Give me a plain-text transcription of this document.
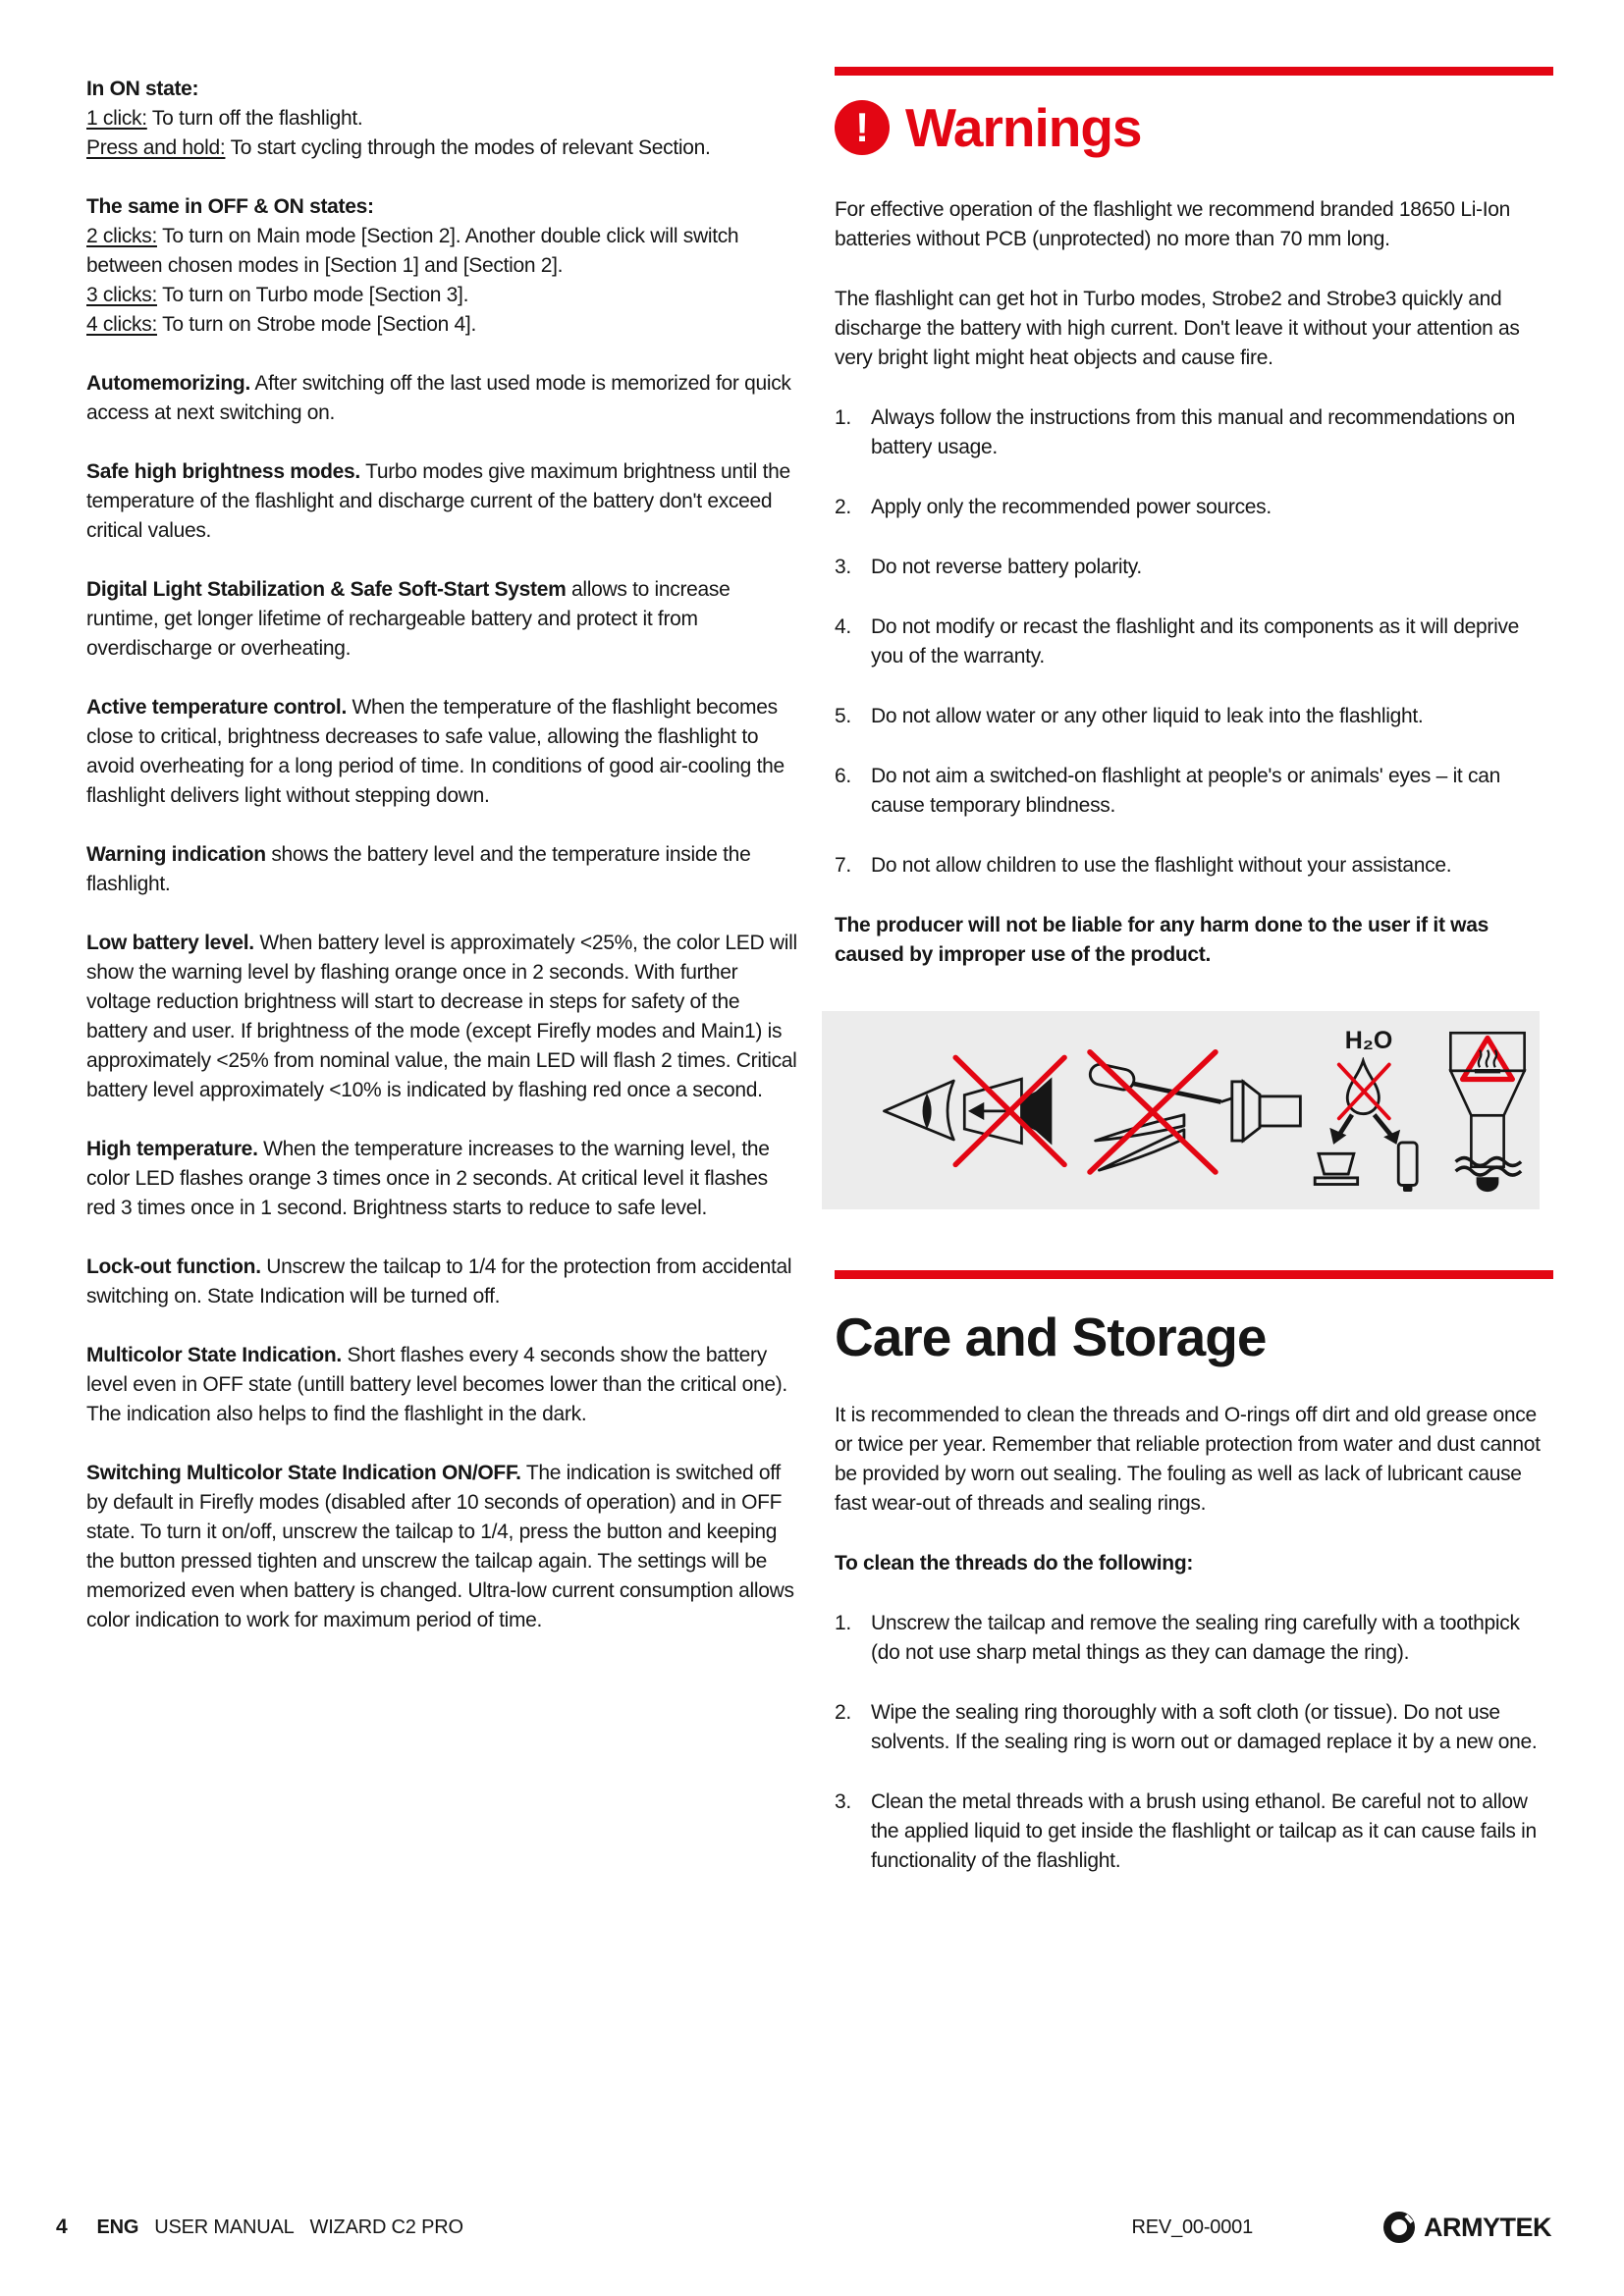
In ON state:
1 click: To turn off the flashlight.
Press and hold: To start cycling through the modes of relevant Section.
The same in OFF & ON states:
2 clicks: To turn on Main mode [Section 2]. Another double click will switch between chosen modes in [Section 1] and [Section 2].
3 clicks: To turn on Turbo mode [Section 3].
4 clicks: To turn on Strobe mode [Section 4].
Automemorizing. After switching off the last used mode is memorized for quick access at next switching on.
Safe high brightness modes. Turbo modes give maximum brightness until the temperature of the flashlight and discharge current of the battery don't exceed critical values.
Digital Light Stabilization & Safe Soft-Start System allows to increase runtime, get longer lifetime of rechargeable battery and protect it from overdischarge or overheating.
Active temperature control. When the temperature of the flashlight becomes close to critical, brightness decreases to safe value, allowing the flashlight to avoid overheating for a long period of time. In conditions of good air-cooling the flashlight delivers light without stepping down.
Warning indication shows the battery level and the temperature inside the flashlight.
Low battery level. When battery level is approximately <25%, the color LED will show the warning level by flashing orange once in 2 seconds. With further voltage reduction brightness will start to decrease in steps for safety of the battery and user. If brightness of the mode (except Firefly modes and Main1) is approximately <25% from nominal value, the main LED will flash 2 times. Critical battery level approximately <10% is indicated by flashing red once a second.
High temperature. When the temperature increases to the warning level, the color LED flashes orange 3 times once in 2 seconds. At critical level it flashes red 3 times once in 1 second. Brightness starts to reduce to safe level.
Lock-out function. Unscrew the tailcap to 1/4 for the protection from accidental switching on. State Indication will be turned off.
Multicolor State Indication. Short flashes every 4 seconds show the battery level even in OFF state (untill battery level becomes lower than the critical one). The indication also helps to find the flashlight in the dark.
Switching Multicolor State Indication ON/OFF. The indication is switched off by default in Firefly modes (disabled after 10 seconds of operation) and in OFF state. To turn it on/off, unscrew the tailcap to 1/4, press the button and keeping the button pressed tighten and unscrew the tailcap again. The settings will be memorized even when battery is changed. Ultra-low current consumption allows color indication to work for maximum period of time.
! Warnings

For effective operation of the flashlight we recommend branded 18650 Li-Ion batteries without PCB (unprotected) no more than 70 mm long.

The flashlight can get hot in Turbo modes, Strobe2 and Strobe3 quickly and discharge the battery with high current. Don't leave it without your attention as very bright light might heat objects and cause fire.

1. Always follow the instructions from this manual and recommendations on battery usage.
2. Apply only the recommended power sources.
3. Do not reverse battery polarity.
4. Do not modify or recast the flashlight and its components as it will deprive you of the warranty.
5. Do not allow water or any other liquid to leak into the flashlight.
6. Do not aim a switched-on flashlight at people's or animals' eyes – it can cause temporary blindness.
7. Do not allow children to use the flashlight without your assistance.

The producer will not be liable for any harm done to the user if it was caused by improper use of the product.

H₂O
Care and Storage

It is recommended to clean the threads and O-rings off dirt and old grease once or twice per year. Remember that reliable protection from water and dust cannot be provided by worn out sealing. The fouling as well as lack of lubricant cause fast wear-out of threads and sealing rings.

To clean the threads do the following:

1. Unscrew the tailcap and remove the sealing ring carefully with a toothpick (do not use sharp metal things as they can damage the ring).
2. Wipe the sealing ring thoroughly with a soft cloth (or tissue). Do not use solvents. If the sealing ring is worn out or damaged replace it by a new one.
3. Clean the metal threads with a brush using ethanol. Be careful not to allow the applied liquid to get inside the flashlight or tailcap as it can cause fails in functionality of the flashlight.
4 ENG USER MANUAL WIZARD C2 PRO	REV_00-0001	ARMYTEK
